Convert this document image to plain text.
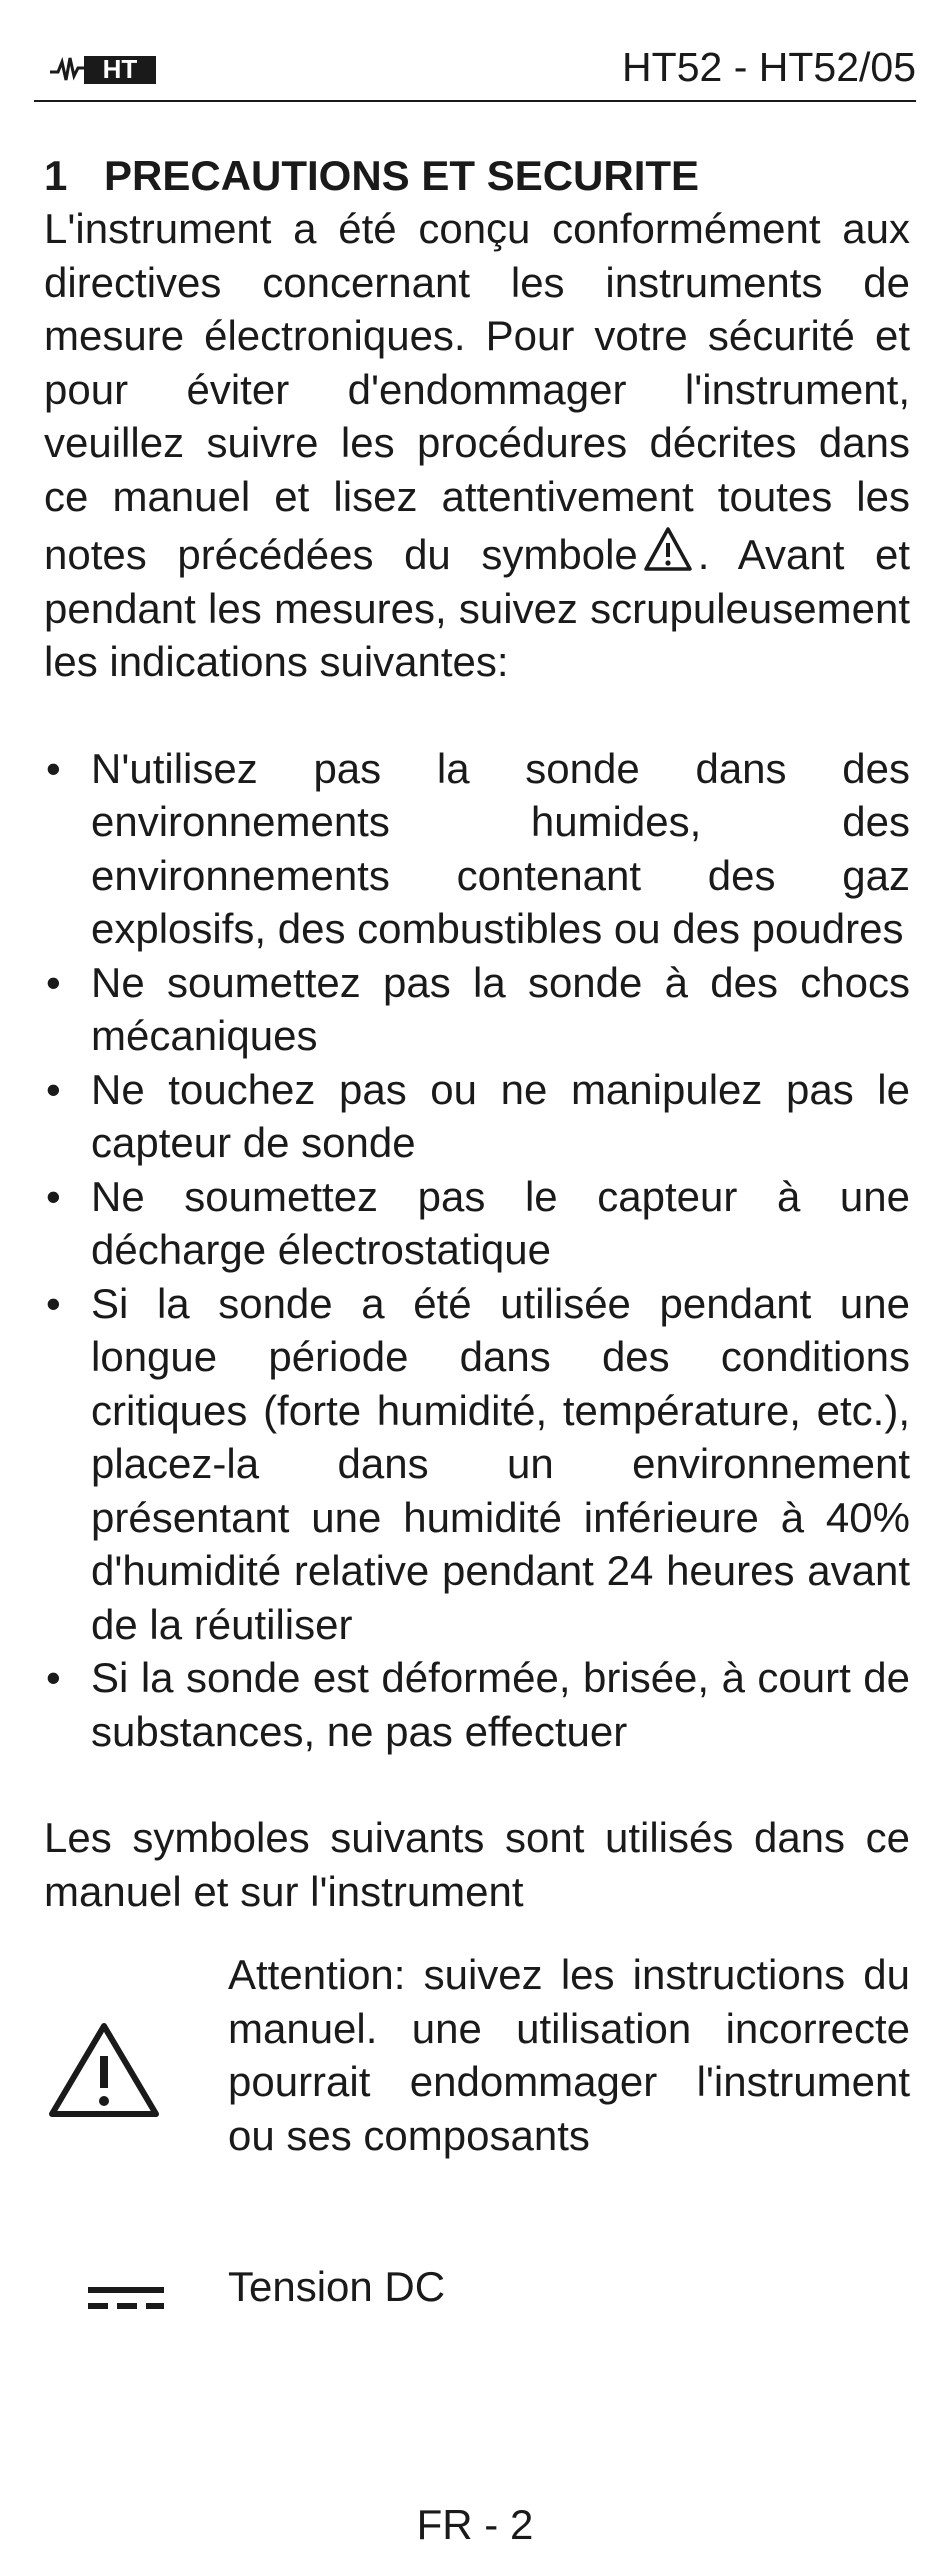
HT	HT52 - HT52/05
1 PRECAUTIONS ET SECURITE

L'instrument a été conçu conformément aux directives concernant les instruments de mesure électroniques. Pour votre sécurité et pour éviter d'endommager l'instrument, veuillez suivre les procédures décrites dans ce manuel et lisez attentivement toutes les notes précédées du symbole . Avant et pendant les mesures, suivez scrupuleusement les indications suivantes:

• N'utilisez pas la sonde dans des environnements humides, des environnements contenant des gaz explosifs, des combustibles ou des poudres
• Ne soumettez pas la sonde à des chocs mécaniques
• Ne touchez pas ou ne manipulez pas le capteur de sonde
• Ne soumettez pas le capteur à une décharge électrostatique
• Si la sonde a été utilisée pendant une longue période dans des conditions critiques (forte humidité, température, etc.), placez-la dans un environnement présentant une humidité inférieure à 40% d'humidité relative pendant 24 heures avant de la réutiliser
• Si la sonde est déformée, brisée, à court de substances, ne pas effectuer

Les symboles suivants sont utilisés dans ce manuel et sur l'instrument

Attention: suivez les instructions du manuel. une utilisation incorrecte pourrait endommager l'instrument ou ses composants

Tension DC

FR - 2
